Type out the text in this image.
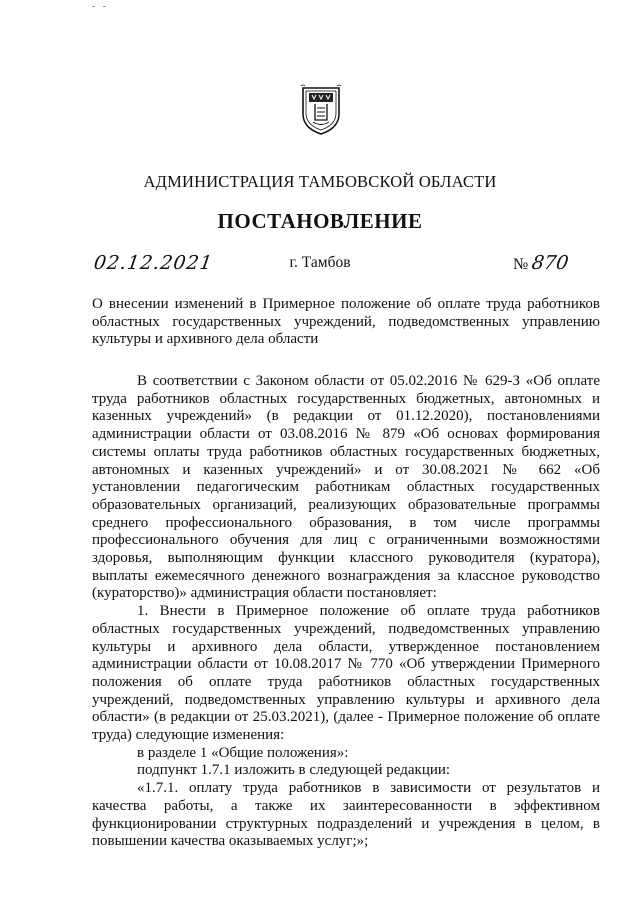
АДМИНИСТРАЦИЯ ТАМБОВСКОЙ ОБЛАСТИ
ПОСТАНОВЛЕНИЕ
02.12.2021	г. Тамбов	№ 870
О внесении изменений в Примерное положение об оплате труда работников областных государственных учреждений, подведомственных управлению культуры и архивного дела области

В соответствии с Законом области от 05.02.2016 № 629-З «Об оплате труда работников областных государственных бюджетных, автономных и казенных учреждений» (в редакции от 01.12.2020), постановлениями администрации области от 03.08.2016 № 879 «Об основах формирования системы оплаты труда работников областных государственных бюджетных, автономных и казенных учреждений» и от 30.08.2021 № 662 «Об установлении педагогическим работникам областных государственных образовательных организаций, реализующих образовательные программы среднего профессионального образования, в том числе программы профессионального обучения для лиц с ограниченными возможностями здоровья, выполняющим функции классного руководителя (куратора), выплаты ежемесячного денежного вознаграждения за классное руководство (кураторство)» администрация области постановляет:

1. Внести в Примерное положение об оплате труда работников областных государственных учреждений, подведомственных управлению культуры и архивного дела области, утвержденное постановлением администрации области от 10.08.2017 № 770 «Об утверждении Примерного положения об оплате труда работников областных государственных учреждений, подведомственных управлению культуры и архивного дела области» (в редакции от 25.03.2021), (далее - Примерное положение об оплате труда) следующие изменения:

в разделе 1 «Общие положения»:

подпункт 1.7.1 изложить в следующей редакции:

«1.7.1. оплату труда работников в зависимости от результатов и качества работы, а также их заинтересованности в эффективном функционировании структурных подразделений и учреждения в целом, в повышении качества оказываемых услуг;»;
